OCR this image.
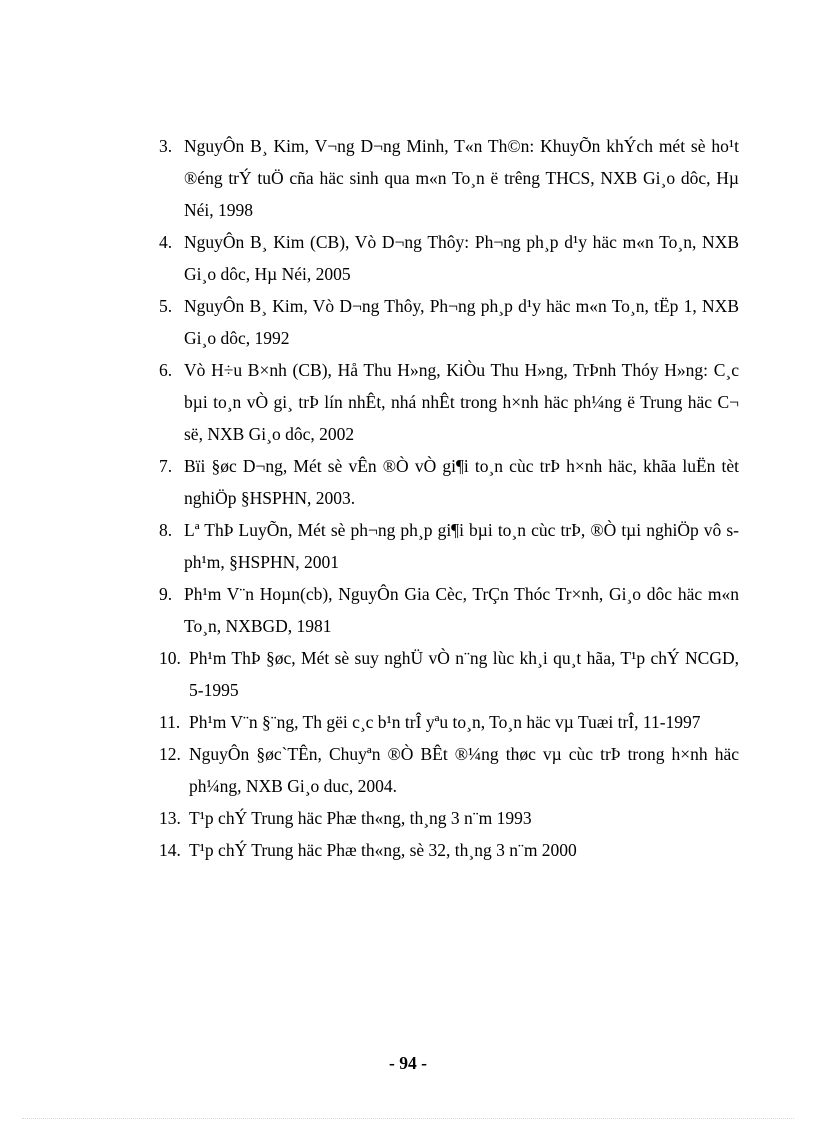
3. NguyÔn B¸ Kim, V¬ng D¬ng Minh, T«n Th©n: KhuyÕn khÝch mét sè ho¹t ®éng trÝ tuÖ cña häc sinh qua m«n To¸n ë trêng THCS, NXB Gi¸o dôc, Hµ Néi, 1998
4. NguyÔn B¸ Kim (CB), Vò D¬ng Thôy: Ph¬ng ph¸p d¹y häc m«n To¸n, NXB Gi¸o dôc, Hµ Néi, 2005
5. NguyÔn B¸ Kim, Vò D¬ng Thôy, Ph¬ng ph¸p d¹y häc m«n To¸n, tËp 1, NXB Gi¸o dôc, 1992
6. Vò H÷u B×nh (CB), Hå Thu H»ng, KiÒu Thu H»ng, TrÞnh Thóy H»ng: C¸c bµi to¸n vÒ gi¸ trÞ lín nhÊt, nhá nhÊt trong h×nh häc ph¼ng ë Trung häc C¬ së, NXB Gi¸o dôc, 2002
7. Bïi §øc D¬ng, Mét sè vÊn ®Ò vÒ gi¶i to¸n cùc trÞ h×nh häc, khãa luËn tèt nghiÖp §HSPHN, 2003.
8. Lª ThÞ LuyÕn, Mét sè ph¬ng ph¸p gi¶i bµi to¸n cùc trÞ, ®Ò tµi nghiÖp vô s ph¹m, §HSPHN, 2001
9. Ph¹m V¨n Hoµn(cb), NguyÔn Gia Cèc, TrÇn Thóc Tr×nh, Gi¸o dôc häc m«n To¸n, NXBGD, 1981
10. Ph¹m ThÞ §øc, Mét sè suy nghÜ vÒ n¨ng lùc kh¸i qu¸t hãa, T¹p chÝ NCGD, 5-1995
11. Ph¹m V¨n §¨ng, Th gëi c¸c b¹n trÎ yªu to¸n, To¸n häc vµ Tuæi trÎ, 11-1997
12. NguyÔn §øc`TÊn, Chuyªn ®Ò BÊt ®¼ng thøc vµ cùc trÞ trong h×nh häc ph¼ng, NXB Gi¸o duc, 2004.
13. T¹p chÝ Trung häc Phæ th«ng, th¸ng 3 n¨m 1993
14. T¹p chÝ Trung häc Phæ th«ng, sè 32, th¸ng 3 n¨m 2000
- 94 -
